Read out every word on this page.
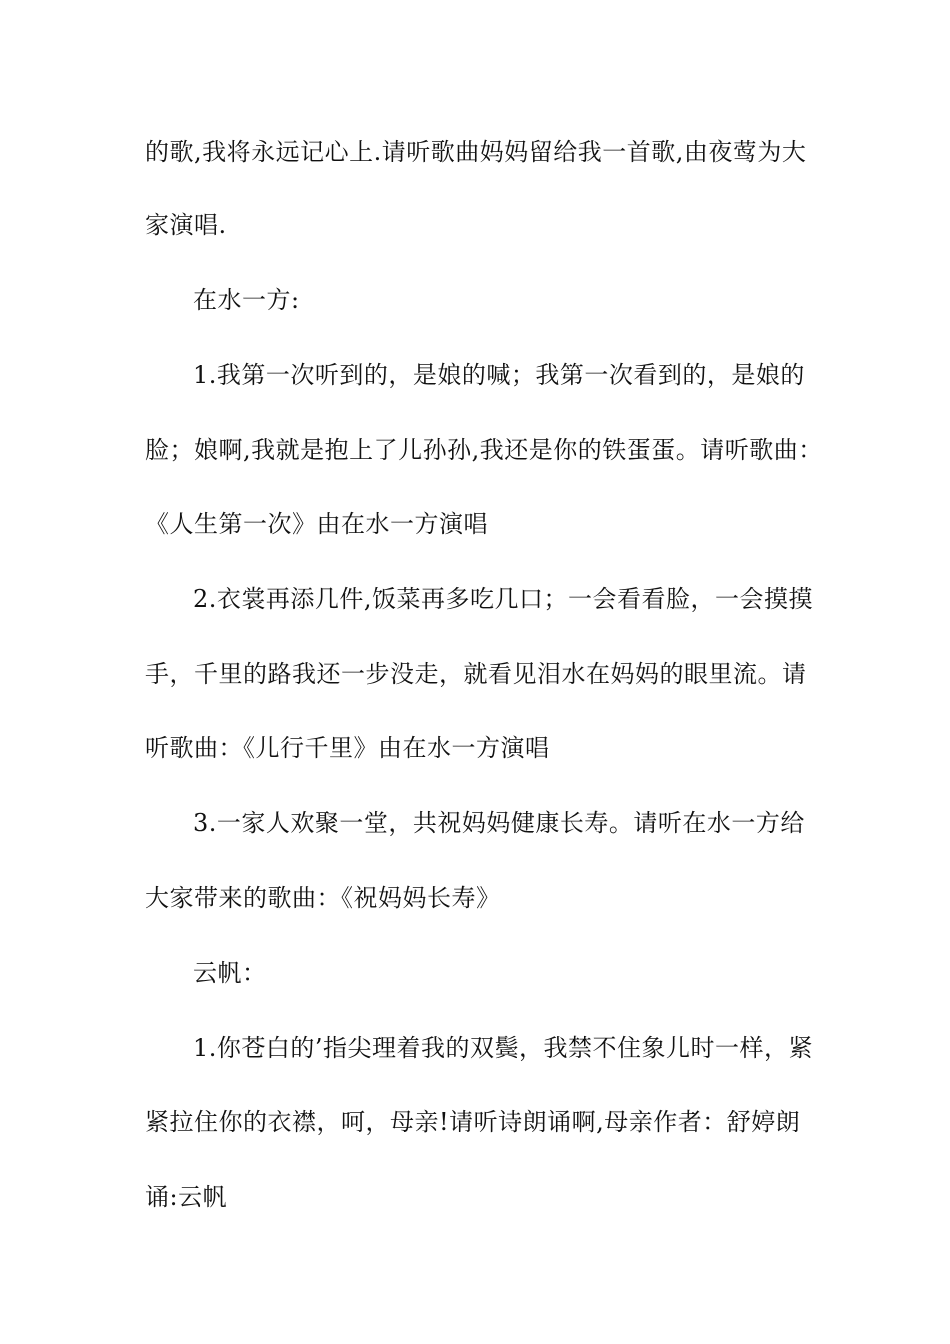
的歌,我将永远记心上.请听歌曲妈妈留给我一首歌,由夜莺为大
家演唱.
在水一方:
1.我第一次听到的，是娘的喊；我第一次看到的，是娘的
脸；娘啊,我就是抱上了儿孙孙,我还是你的铁蛋蛋。请听歌曲：
《人生第一次》由在水一方演唱
2.衣裳再添几件,饭菜再多吃几口；一会看看脸，一会摸摸
手，千里的路我还一步没走，就看见泪水在妈妈的眼里流。请
听歌曲：《儿行千里》由在水一方演唱
3.一家人欢聚一堂，共祝妈妈健康长寿。请听在水一方给
大家带来的歌曲：《祝妈妈长寿》
云帆：
1.你苍白的’指尖理着我的双鬓，我禁不住象儿时一样，紧
紧拉住你的衣襟，呵，母亲!请听诗朗诵啊,母亲作者：舒婷朗
诵:云帆
